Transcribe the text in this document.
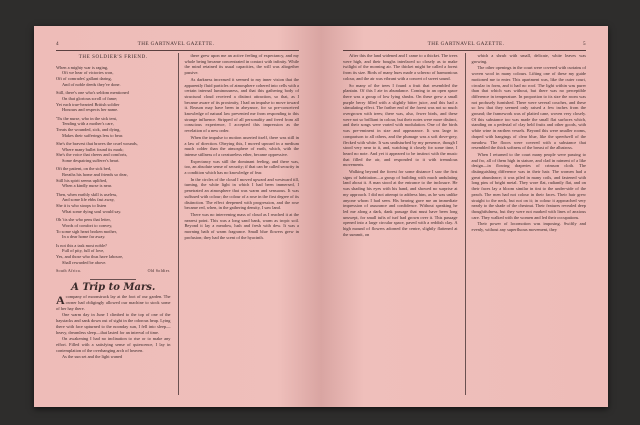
4	THE GARTNAVEL GAZETTE.
THE SOLDIER'S FRIEND.
When a mighty war is raging,
Oft we hear of victories won,
Oft of comrades' gallant daring,
And of noble deeds they've done.
Still, there's one who's seldom mentioned
On that glorious scroll of fame;
Yet each true-hearted British soldier
Honours and respects her name.
'Tis the nurse, who in the sick tent,
Tending with a mother's care,
Treats the wounded, sick, and dying,
Makes their sufferings less to bear.
She's the bravest that braves the cruel wounds,
Where many bullet found its mark;
She's the voice that cheers and comforts,
Some despairing sufferer's heart.
Oft the patient, on the sick bed,
Breaths his home and friends so dear,
Still his spirit seems uplifted,
When a kindly nurse is near.
Then, when earthly skill is useless,
And some life ebbs fast away,
She it is who stoops to listen
What some dying soul would say.
Oh 'tis she who pens that letter,
Words of comfort to convey,
To some sigh heart broken mother,
In a dear home far away.
Is not this a task most noble?
Full of pity, full of love,
Yes, and those who thus have laboure,
Shall rewarded be above.
South Africa.	Old Soldier.
A Trip to Mars.

Acompany of moonstruck lay at the foot of our garden. The owner had obligingly allowed our machine to stock some of her hay there.

One warm day in June I climbed to the top of one of the haystacks and sank down out of sight in the odorous heap. Lying there with face upturned to the noonday sun, I fell into sleep—heavy, dreamless sleep—that lasted for an interval of time.

On awakening I had no inclination to rise or to make any effort. Filled with a satisfying sense of quiescence, I lay in contemplation of the overhanging arch of heaven.

As the sun set and the light waned

there grew upon me an active feeling of expectancy, and my whole being became concentrated in contact with infinity. While the mind retained its usual capacities, the will was altogether passive.

As darkness increased it seemed to my inner vision that the apparently fluid particles of atmosphere cohered into cells with a certain internal luminousness, and that this gathering body of structural cloud received a distinct attraction, so that, as I became aware of its proximity, I had an impulse to move toward it. Reason may have been in abeyance, for so pre-conceived knowledge of natural law prevented me from responding to this strange influence. Stripped of all personality and freed from all conscious experience, I accepted this impression as the revelation of a new order.

When the impulse to motion asserted itself, there was still in a law of direction. Obeying this, I moved upward in a medium much colder than the atmosphere of earth, which, with the intense stillness of a creatureless ether, became oppressive.

Expectancy was still the dominant feeling, and there was, too, an absolute sense of security; if that can be called security in a condition which has no knowledge of fear.

In the circles of the cloud I moved upward and westward till, turning, the white light in which I had been immersed, I penetrated an atmosphere that was warm and sensuous. It was suffused with colour; the colour of a rose in the first degree of its distinction. The effect deepened with progression, and the rose became red, when, in the gathering density, I saw land.

There was no intervening mass of cloud as I reached it at the nearest point. This was a long sand bank, warm as tropic soil. Beyond it lay a meadow, lush and fresh with dew. It was a morning bath of warm fragrance. Small blue flowers grew in profusion; they had the scent of the hyacinth.

THE GARTNAVEL GAZETTE.	5

After this the land widened and I came to a thicket. The trees were high, and their boughs interlaced so closely as to make twilight of the morning air. The thicket might be called a forest from its size. Birds of many hues made a scherzo of harmonious colour, and the air was vibrant with a concert of sweet sound.

So many of the trees I found a fruit that resembled the plantain. Of this I ate in abundance. Coming to an open space there was a group of low lying shrubs. On these grew a small purple berry filled with a slightly bitter juice, and this had a stimulating effect. The farther end of the forest was not so much overgrown with trees; there was, also, fewer birds, and these were not so brilliant in colour, but their notes were more distinct, and their songs were varied with modulation. One of the birds was pre-eminent in size and appearance. It was large in comparison to all others, and the plumage was a soft dove-grey, flecked with white. It was undisturbed by my presence, though I stood very near to it, and, watching it closely for some time, I heard no note. And yet it appeared to be instinct with the music that filled the air, and responded to it with tremulous movements.

Walking beyond the forest for some distance I saw the first signs of habitation—a group of building with much undulating land about it. A man stood at the entrance to the inclosure. He was shading his eyes with his hand, and showed no surprise at my approach. I did not attempt to address him, as he was unlike anyone whom I had seen. His bearing gave me an immediate impression of assurance and confidence. Without speaking he led me along a dark, dank passage that must have been long unswept, for small tufts of turf had grown over it. This passage opened into a large circular space, paved with a reddish clay. A high mound of flowers adorned the centre, slightly flattened at the summit, on

which a shrub with small, delicate, white leaves was growing.

The other openings in the court were covered with curtains of woven wool in many colours. Lifting one of these my guide motioned me to enter. This apartment was, like the outer court, circular in form, and it had no roof. The light within was purer than that which was without, but there was no perceptible difference in temperature. In proportion to its size the room was not profusely furnished. There were several couches, and these so low that they seemed only raised a few inches from the ground; the framework was of plaited cane, woven very closely. Of this substance too was made the small flat surfaces which, standing on a pedestal of clay held fruits and other goods, with white wine in earthen vessels. Beyond this were smaller rooms, draped with hangings of clear blue, like the speedwell of the meadow. The floors were covered with a substance that resembled the thick softness of the breast of the albatross.

When I returned to the court many people were passing to and fro, all of them high in stature, and clad in raiment of a like design—in flowing draperies of crimson cloth. The distinguishing difference was in their hair. The women had a great abundance; it was piled in many coils, and fastened with long pins of bright metal. They wore flat, radiantly flat, and on their faces lay a bloom similar in tint to the under-side of the peach. The men had not colour in their faces. Their hair grew straight to the neck, but not on it; in colour it approached very nearly to the shade of the chestnut. Their features revealed deep thoughtfulness, but they were not marked with lines of anxious care. They walked with the women and led their occupations.

Their power of locomotion was imposing. Swiftly and evenly, without any superfluous movement, they
